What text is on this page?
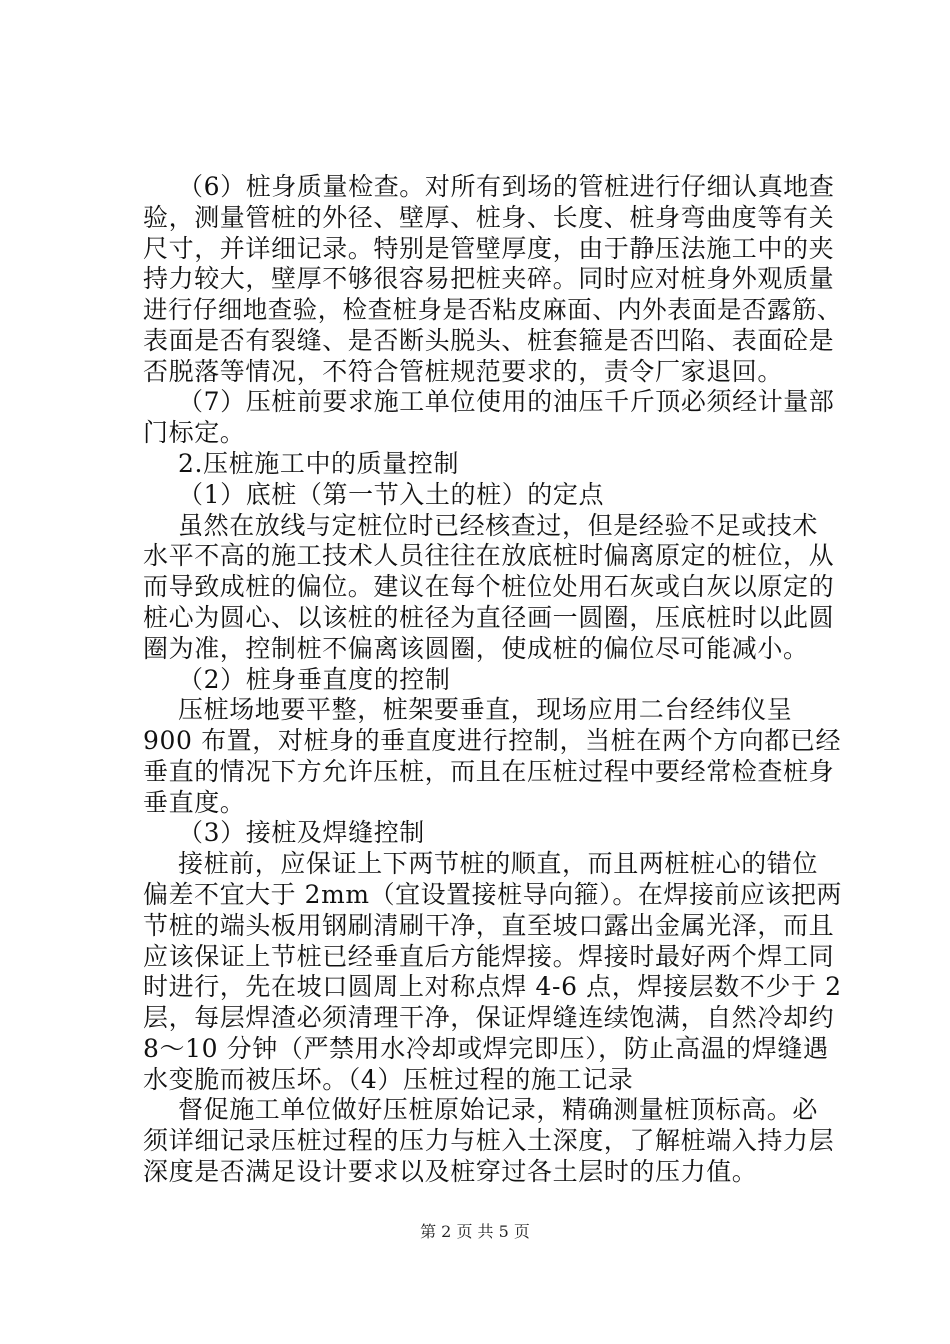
（6）桩身质量检查。对所有到场的管桩进行仔细认真地查
验，测量管桩的外径、壁厚、桩身、长度、桩身弯曲度等有关
尺寸，并详细记录。特别是管壁厚度，由于静压法施工中的夹
持力较大，壁厚不够很容易把桩夹碎。同时应对桩身外观质量
进行仔细地查验，检查桩身是否粘皮麻面、内外表面是否露筋、
表面是否有裂缝、是否断头脱头、桩套箍是否凹陷、表面砼是
否脱落等情况，不符合管桩规范要求的，责令厂家退回。
（7）压桩前要求施工单位使用的油压千斤顶必须经计量部
门标定。
2.压桩施工中的质量控制
（1）底桩（第一节入土的桩）的定点
虽然在放线与定桩位时已经核查过，但是经验不足或技术
水平不高的施工技术人员往往在放底桩时偏离原定的桩位，从
而导致成桩的偏位。建议在每个桩位处用石灰或白灰以原定的
桩心为圆心、以该桩的桩径为直径画一圆圈，压底桩时以此圆
圈为准，控制桩不偏离该圆圈，使成桩的偏位尽可能减小。
（2）桩身垂直度的控制
压桩场地要平整，桩架要垂直，现场应用二台经纬仪呈
900 布置，对桩身的垂直度进行控制，当桩在两个方向都已经
垂直的情况下方允许压桩，而且在压桩过程中要经常检查桩身
垂直度。
（3）接桩及焊缝控制
接桩前，应保证上下两节桩的顺直，而且两桩桩心的错位
偏差不宜大于 2mm（宜设置接桩导向箍）。在焊接前应该把两
节桩的端头板用钢刷清刷干净，直至坡口露出金属光泽，而且
应该保证上节桩已经垂直后方能焊接。焊接时最好两个焊工同
时进行，先在坡口圆周上对称点焊 4-6 点，焊接层数不少于 2
层，每层焊渣必须清理干净，保证焊缝连续饱满，自然冷却约
8～10 分钟（严禁用水冷却或焊完即压），防止高温的焊缝遇
水变脆而被压坏。（4）压桩过程的施工记录
督促施工单位做好压桩原始记录，精确测量桩顶标高。必
须详细记录压桩过程的压力与桩入土深度，了解桩端入持力层
深度是否满足设计要求以及桩穿过各土层时的压力值。
第 2 页 共 5 页
